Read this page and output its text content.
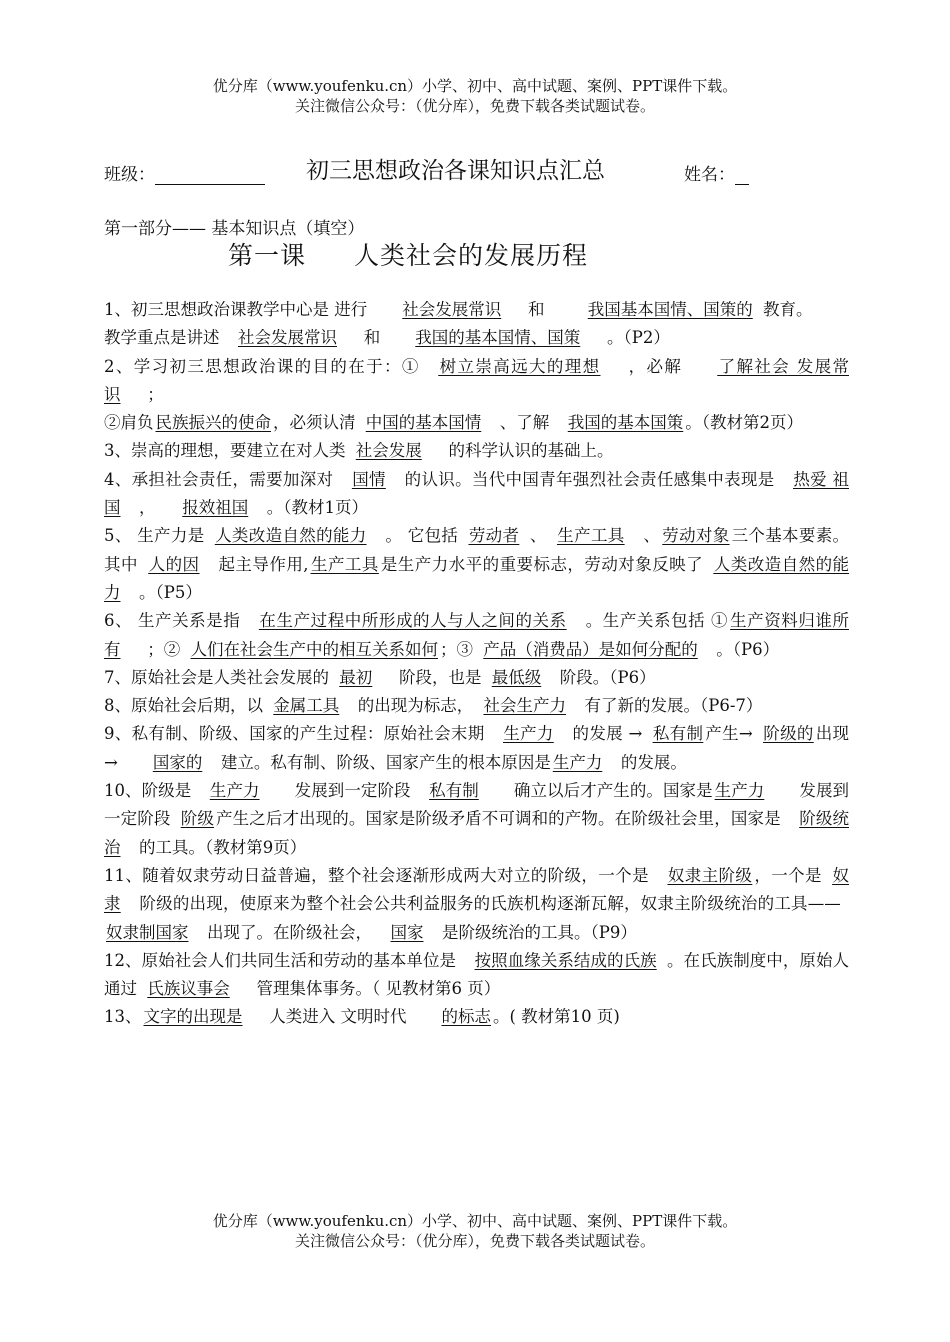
优分库（www.youfenku.cn）小学、初中、高中试题、案例、PPT课件下载。
关注微信公众号：（优分库），免费下载各类试题试卷。
班级：	初三思想政治各课知识点汇总	姓名：
第一部分—— 基本知识点（填空）
第一课 人类社会的发展历程

1、初三思想政治课教学中心是 进行   社会发展常识   和   	我国基本国情、国策的  教育。

教学重点是讲述  社会发展常识   和   我国的基本国情、国策   。（P2）

2、学习初三思想政治课的目的在于：①  树立崇高远大的理想   ，必解   了解社会 发展常识   ；

②肩负 民族振兴的使命 ，必须认清  中国的基本国情  、了解  我国的基本国策 。（教材第2页）

3、崇高的理想，要建立在对人类  社会发展   的科学认识的基础上。

4、承担社会责任，需要加深对  国情  的认识。当代中国青年强烈社会责任感集中表现是  热爱 祖国  ，   报效祖国  。（教材1页）

5、 生产力是  人类改造自然的能力  。 它包括  劳动者  、  生产工具  、 劳动对象 三个基本要素。其中  人的因  起主导作用, 生产工具 是生产力水平的重要标志，劳动对象反映了  人类改造自然的能力  。（P5）

6、 生产关系是指  在生产过程中所形成的人与人之间的关系  。生产关系包括 ① 生产资料归谁所有   ；②  人们在社会生产中的相互关系如何 ；③  产品（消费品）是如何分配的  。（P6）

7、原始社会是人类社会发展的  最初   阶段，也是  最低级  阶段。（P6）

8、原始社会后期，以  金属工具  的出现为标志，  社会生产力  有了新的发展。（P6-7）

9、私有制、阶级、国家的产生过程：原始社会末期  生产力  的发展 →  私有制 产生→  阶级的 出现 →   国家的  建立。私有制、阶级、国家产生的根本原因是 生产力  的发展。

10、阶级是  生产力   发展到一定阶段  私有制   确立以后才产生的。国家是 生产力   发展到一定阶段  阶级 产生之后才出现的。国家是阶级矛盾不可调和的产物。在阶级社会里，国家是  阶级统治  的工具。（教材第9页）

11、随着奴隶劳动日益普遍，整个社会逐渐形成两大对立的阶级，一个是  奴隶主阶级 ，一个是  奴隶  阶级的出现，使原来为整个社会公共利益服务的氏族机构逐渐瓦解，奴隶主阶级统治的工具—— 奴隶制国家  出现了。在阶级社会，  国家  是阶级统治的工具。（P9）

12、原始社会人们共同生活和劳动的基本单位是  按照血缘关系结成的氏族  。在氏族制度中，原始人通过  氏族议事会   管理集体事务。（ 见教材第6 页）

13、 文字的出现是   人类进入 文明时代   的标志 。( 教材第10 页)

优分库（www.youfenku.cn）小学、初中、高中试题、案例、PPT课件下载。
关注微信公众号：（优分库），免费下载各类试题试卷。
